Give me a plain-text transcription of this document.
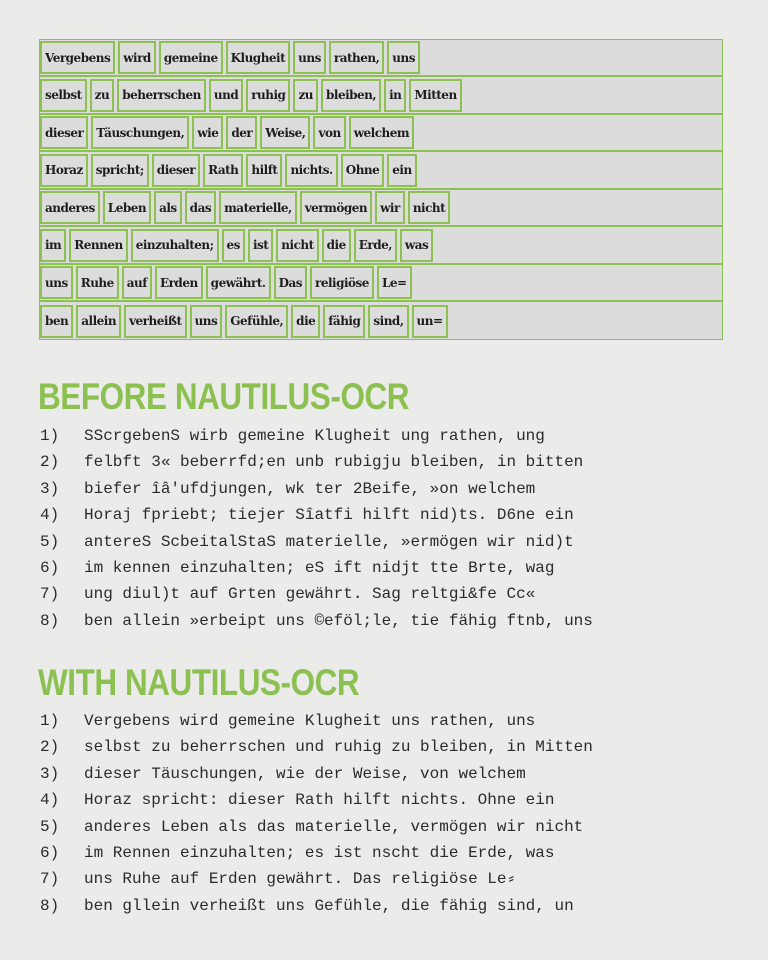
Vergebens	wird	gemeine	Klugheit	uns	rathen,	uns
selbst	zu	beherrschen	und	ruhig	zu	bleiben,	in	Mitten
dieser	Täuschungen,	wie	der	Weise,	von	welchem
Horaz	spricht;	dieser	Rath	hilft	nichts.	Ohne	ein
anderes	Leben	als	das	materielle,	vermögen	wir	nicht
im	Rennen	einzuhalten;	es	ist	nicht	die	Erde,	was
uns	Ruhe	auf	Erden	gewährt.	Das	religiöse	Le=
ben	allein	verheißt	uns	Gefühle,	die	fähig	sind,	un=
BEFORE NAUTILUS-OCR
1)	SScrgebenS wirb gemeine Klugheit ung rathen, ung
2)	felbft 3« beberrfd;en unb rubigju bleiben, in bitten
3)	biefer îâ'ufdjungen, wk ter 2Beife, »on welchem
4)	Horaj fpriebt; tiejer Sîatfi hilft nid)ts. D6ne ein
5)	antereS ScbeitalStaS materielle, »ermögen wir nid)t
6)	im kennen einzuhalten; eS ift nidjt tte Brte, wag
7)	ung diul)t auf Grten gewährt. Sag reltgi&fe Cc«
8)	ben allein »erbeipt uns ©eföl;le, tie fähig ftnb, uns
WITH NAUTILUS-OCR
1)	Vergebens wird gemeine Klugheit uns rathen, uns
2)	selbst zu beherrschen und ruhig zu bleiben, in Mitten
3)	dieser Täuschungen, wie der Weise, von welchem
4)	Horaz spricht: dieser Rath hilft nichts. Ohne ein
5)	anderes Leben als das materielle, vermögen wir nicht
6)	im Rennen einzuhalten; es ist nscht die Erde, was
7)	uns Ruhe auf Erden gewährt. Das religiöse Le⸗
8)	ben gllein verheißt uns Gefühle, die fähig sind, un
